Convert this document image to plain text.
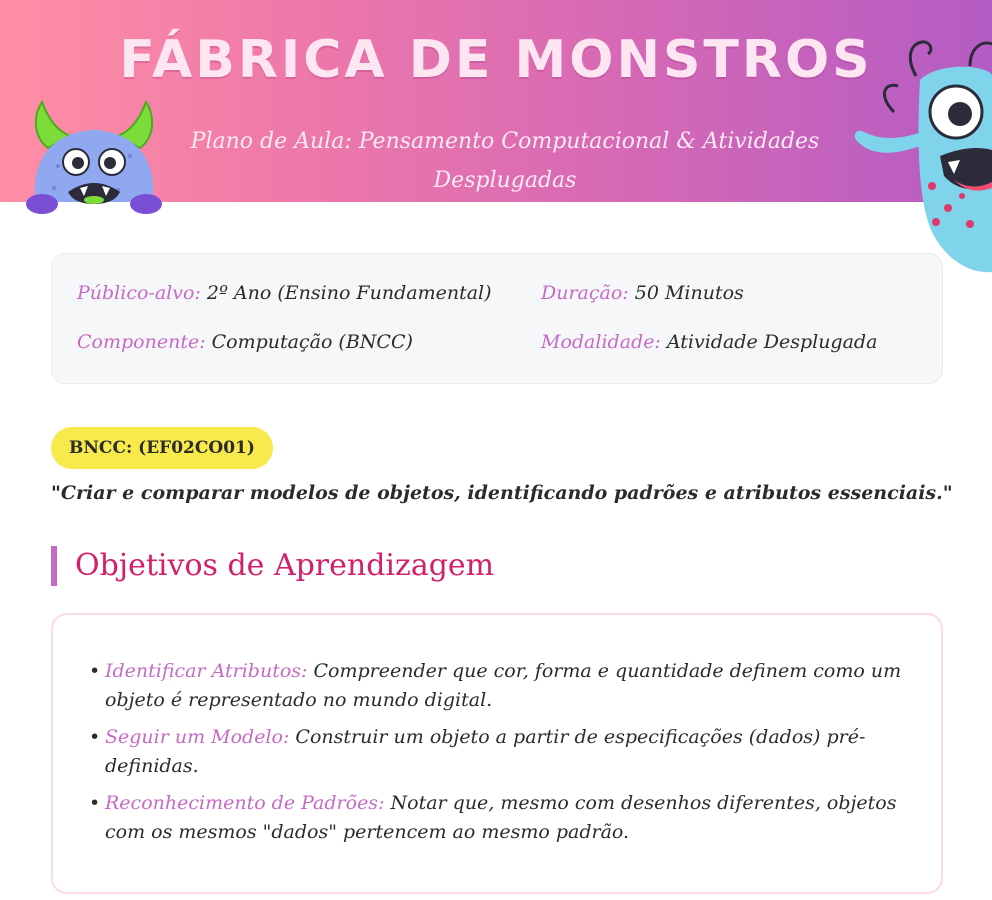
FÁBRICA DE MONSTROS
Plano de Aula: Pensamento Computacional & Atividades Desplugadas
Público-alvo: 2º Ano (Ensino Fundamental)	Duração: 50 Minutos
Componente: Computação (BNCC)	Modalidade: Atividade Desplugada
BNCC: (EF02CO01)
"Criar e comparar modelos de objetos, identificando padrões e atributos essenciais."
Objetivos de Aprendizagem
• Identificar Atributos: Compreender que cor, forma e quantidade definem como um objeto é representado no mundo digital.
• Seguir um Modelo: Construir um objeto a partir de especificações (dados) pré-definidas.
• Reconhecimento de Padrões: Notar que, mesmo com desenhos diferentes, objetos com os mesmos "dados" pertencem ao mesmo padrão.
